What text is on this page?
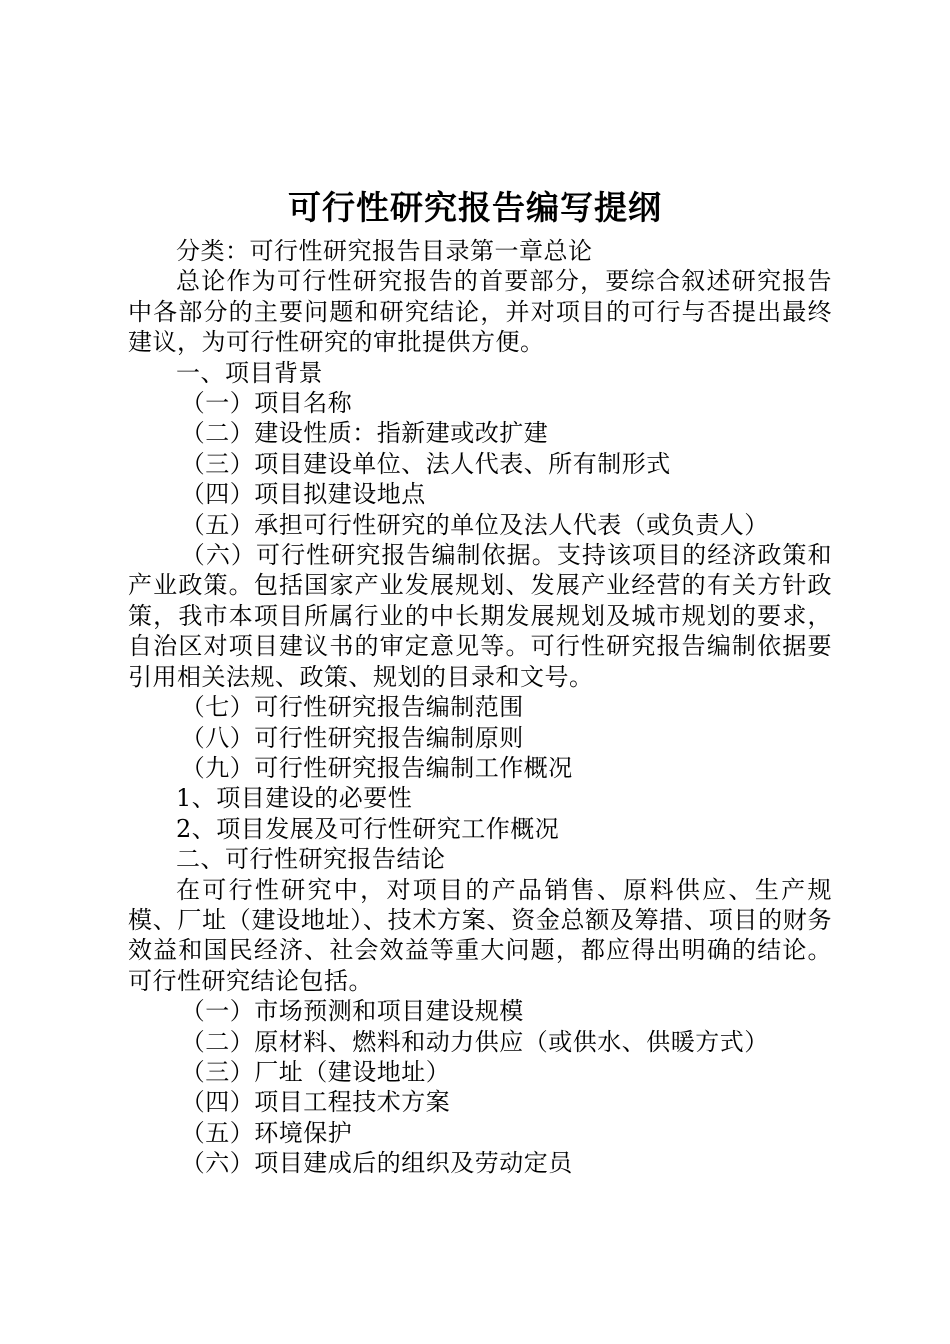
可行性研究报告编写提纲

分类：可行性研究报告目录第一章总论

总论作为可行性研究报告的首要部分，要综合叙述研究报告中各部分的主要问题和研究结论，并对项目的可行与否提出最终建议，为可行性研究的审批提供方便。

一、项目背景

（一）项目名称

（二）建设性质：指新建或改扩建

（三）项目建设单位、法人代表、所有制形式

（四）项目拟建设地点

（五）承担可行性研究的单位及法人代表（或负责人）

（六）可行性研究报告编制依据。支持该项目的经济政策和产业政策。包括国家产业发展规划、发展产业经营的有关方针政策，我市本项目所属行业的中长期发展规划及城市规划的要求，自治区对项目建议书的审定意见等。可行性研究报告编制依据要引用相关法规、政策、规划的目录和文号。

（七）可行性研究报告编制范围

（八）可行性研究报告编制原则

（九）可行性研究报告编制工作概况

1、项目建设的必要性

2、项目发展及可行性研究工作概况

二、可行性研究报告结论

在可行性研究中，对项目的产品销售、原料供应、生产规模、厂址（建设地址）、技术方案、资金总额及筹措、项目的财务效益和国民经济、社会效益等重大问题，都应得出明确的结论。可行性研究结论包括。

（一）市场预测和项目建设规模

（二）原材料、燃料和动力供应（或供水、供暖方式）

（三）厂址（建设地址）

（四）项目工程技术方案

（五）环境保护

（六）项目建成后的组织及劳动定员
